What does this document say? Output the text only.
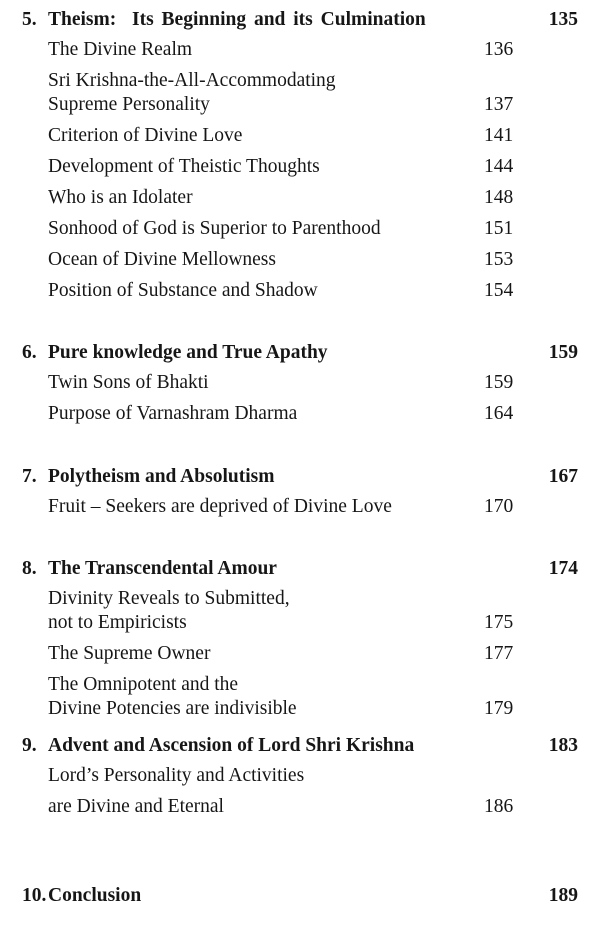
5. Theism:  Its Beginning and its Culmination	135
The Divine Realm	136
Sri Krishna-the-All-Accommodating
Supreme Personality	137
Criterion of Divine Love	141
Development of Theistic Thoughts	144
Who is an Idolater	148
Sonhood of God is Superior to Parenthood	151
Ocean of Divine Mellowness	153
Position of Substance and Shadow	154
6. Pure knowledge and True Apathy	159
Twin Sons of Bhakti	159
Purpose of Varnashram Dharma	164
7. Polytheism and Absolutism	167
Fruit – Seekers are deprived of Divine Love	170
8. The Transcendental Amour	174
Divinity Reveals to Submitted,
not to Empiricists	175
The Supreme Owner	177
The Omnipotent and the
Divine Potencies are indivisible	179
9. Advent and Ascension of Lord Shri Krishna	183
Lord’s Personality and Activities
are Divine and Eternal	186
10. Conclusion	189
